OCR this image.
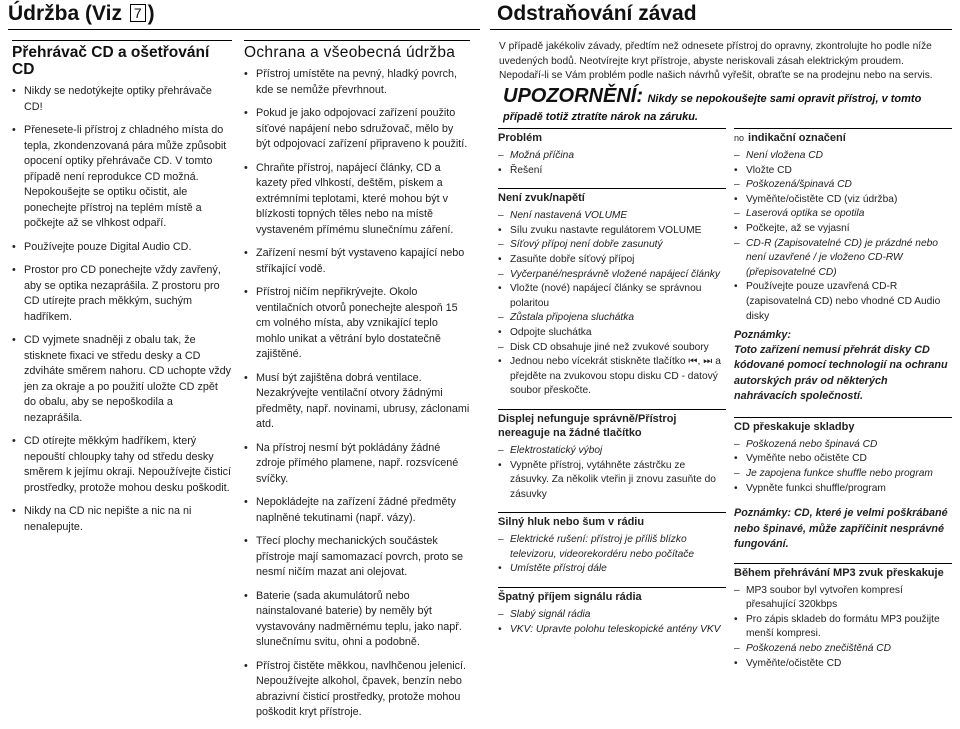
Údržba (Viz 7 )	Odstraňování závad
Přehrávač CD a ošetřování CD
• Nikdy se nedotýkejte optiky přehrávače CD!
• Přenesete-li přístroj z chladného místa do tepla, zkondenzovaná pára může způsobit opocení optiky přehrávače CD. V tomto případě není reprodukce CD možná. Nepokoušejte se optiku očistit, ale ponechejte přístroj na teplém místě a počkejte až se vlhkost odpaří.
• Používejte pouze Digital Audio CD.
• Prostor pro CD ponechejte vždy zavřený, aby se optika nezaprášila. Z prostoru pro CD utírejte prach měkkým, suchým hadříkem.
• CD vyjmete snadněji z obalu tak, že stisknete fixaci ve středu desky a CD zdviháte směrem nahoru. CD uchopte vždy jen za okraje a po použití uložte CD zpět do obalu, aby se nepoškodila a nezaprášila.
• CD otírejte měkkým hadříkem, který nepouští chloupky tahy od středu desky směrem k jejímu okraji. Nepoužívejte čisticí prostředky, protože mohou desku poškodit.
• Nikdy na CD nic nepište a nic na ni nenalepujte.
Ochrana a všeobecná údržba
• Přístroj umístěte na pevný, hladký povrch, kde se nemůže převrhnout.
• Pokud je jako odpojovací zařízení použito síťové napájení nebo sdružovač, mělo by být odpojovací zařízení připraveno k použití.
• Chraňte přístroj, napájecí články, CD a kazety před vlhkostí, deštěm, pískem a extrémními teplotami, které mohou být v blízkosti topných těles nebo na místě vystaveném přímému slunečnímu záření.
• Zařízení nesmí být vystaveno kapající nebo stříkající vodě.
• Přístroj ničím nepřikrývejte. Okolo ventilačních otvorů ponechejte alespoň 15 cm volného místa, aby vznikající teplo mohlo unikat a větrání bylo dostatečně zajištěné.
• Musí být zajištěna dobrá ventilace. Nezakrývejte ventilační otvory žádnými předměty, např. novinami, ubrusy, záclonami atd.
• Na přístroj nesmí být pokládány žádné zdroje přímého plamene, např. rozsvícené svíčky.
• Nepokládejte na zařízení žádné předměty naplněné tekutinami (např. vázy).
• Třecí plochy mechanických součástek přístroje mají samomazací povrch, proto se nesmí ničím mazat ani olejovat.
• Baterie (sada akumulátorů nebo nainstalované baterie) by neměly být vystavovány nadměrnému teplu, jako např. slunečnímu svitu, ohni a podobně.
• Přístroj čistěte měkkou, navlhčenou jelenicí. Nepoužívejte alkohol, čpavek, benzín nebo abrazivní čisticí prostředky, protože mohou poškodit kryt přístroje.
V případě jakékoliv závady, předtím než odnesete přístroj do opravny, zkontrolujte ho podle níže uvedených bodů. Neotvírejte kryt přístroje, abyste neriskovali zásah elektrickým proudem. Nepodaří-li se Vám problém podle našich návrhů vyřešit, obraťte se na prodejnu nebo na servis.
UPOZORNĚNÍ: Nikdy se nepokoušejte sami opravit přístroj, v tomto případě totiž ztratíte nárok na záruku.
Problém
– Možná příčina
• Řešení
Není zvuk/napětí
– Není nastavená VOLUME
• Sílu zvuku nastavte regulátorem VOLUME
– Síťový přípoj není dobře zasunutý
• Zasuňte dobře síťový přípoj
– Vyčerpané/nesprávně vložené napájecí články
• Vložte (nové) napájecí články se správnou polaritou
– Zůstala připojena sluchátka
• Odpojte sluchátka
– Disk CD obsahuje jiné než zvukové soubory
• Jednou nebo vícekrát stiskněte tlačítko ⏮, ⏭ a přejděte na zvukovou stopu disku CD - datový soubor přeskočte.
Displej nefunguje správně/Přístroj nereaguje na žádné tlačítko
– Elektrostatický výboj
• Vypněte přístroj, vytáhněte zástrčku ze zásuvky. Za několik vteřin ji znovu zasuňte do zásuvky
Silný hluk nebo šum v rádiu
– Elektrické rušení: přístroj je příliš blízko televizoru, videorekordéru nebo počítače
• Umístěte přístroj dále
Špatný příjem signálu rádia
– Slabý signál rádia
• VKV: Upravte polohu teleskopické antény VKV
no indikační označení
– Není vložena CD
• Vložte CD
– Poškozená/špinavá CD
• Vyměňte/očistěte CD (viz údržba)
– Laserová optika se opotila
• Počkejte, až se vyjasní
– CD-R (Zapisovatelné CD) je prázdné nebo není uzavřené / je vloženo CD-RW (přepisovatelné CD)
• Používejte pouze uzavřená CD-R (zapisovatelná CD) nebo vhodné CD Audio disky
Poznámky:
Toto zařízení nemusí přehrát disky CD kódované pomocí technologií na ochranu autorských práv od některých nahrávacích společností.
CD přeskakuje skladby
– Poškozená nebo špinavá CD
• Vyměňte nebo očistěte CD
– Je zapojena funkce shuffle nebo program
• Vypněte funkci shuffle/program
Poznámky: CD, které je velmi poškrábané nebo špinavé, může zapříčinit nesprávné fungování.
Během přehrávání MP3 zvuk přeskakuje
– MP3 soubor byl vytvořen kompresí přesahující 320kbps
• Pro zápis skladeb do formátu MP3 použijte menší kompresi.
– Poškozená nebo znečištěná CD
• Vyměňte/očistěte CD
